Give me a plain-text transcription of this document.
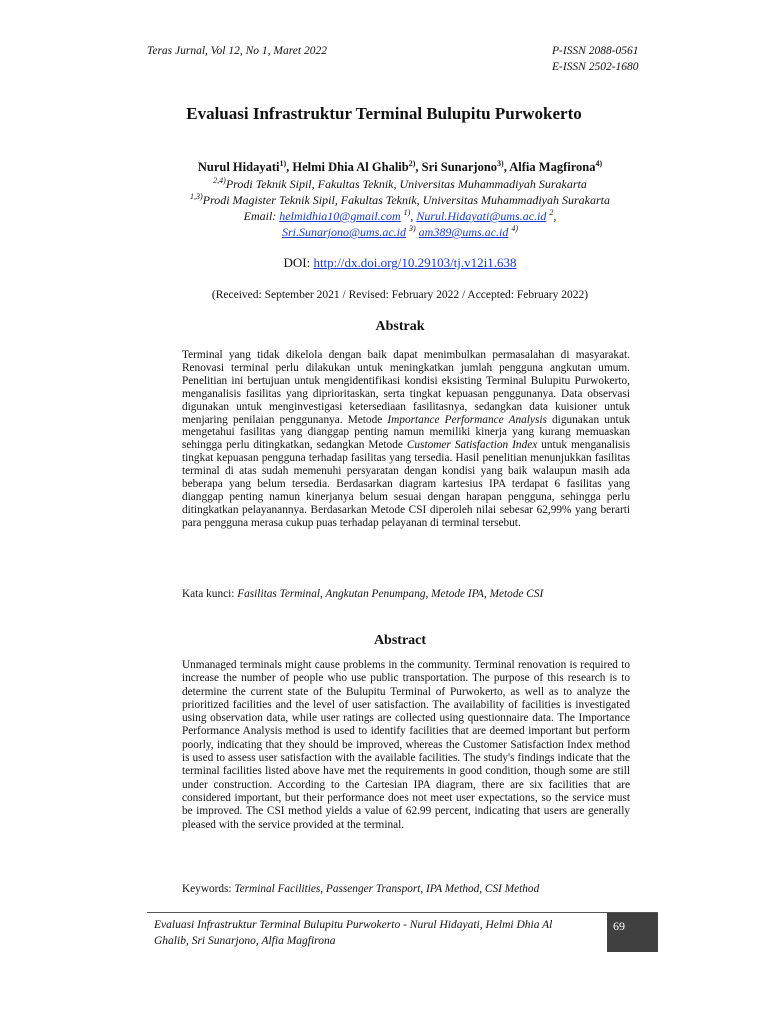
Teras Jurnal, Vol 12, No 1, Maret 2022	P-ISSN 2088-0561
E-ISSN 2502-1680
Evaluasi Infrastruktur Terminal Bulupitu Purwokerto
Nurul Hidayati$^{1)}$, Helmi Dhia Al Ghalib$^{2)}$, Sri Sunarjono$^{3)}$, Alfia Magfirona$^{4)}$
$^{2,4)}$Prodi Teknik Sipil, Fakultas Teknik, Universitas Muhammadiyah Surakarta
$^{1,3)}$Prodi Magister Teknik Sipil, Fakultas Teknik, Universitas Muhammadiyah Surakarta
Email: helmidhia10@gmail.com $^{1)}$, Nurul.Hidayati@ums.ac.id $^2$,
Sri.Sunarjono@ums.ac.id $^{3)}$ am389@ums.ac.id $^{4)}$
DOI: http://dx.doi.org/10.29103/tj.v12i1.638
(Received: September 2021 / Revised: February 2022 / Accepted: February 2022)
Abstrak
Terminal yang tidak dikelola dengan baik dapat menimbulkan permasalahan di masyarakat. Renovasi terminal perlu dilakukan untuk meningkatkan jumlah pengguna angkutan umum. Penelitian ini bertujuan untuk mengidentifikasi kondisi eksisting Terminal Bulupitu Purwokerto, menganalisis fasilitas yang diprioritaskan, serta tingkat kepuasan penggunanya. Data observasi digunakan untuk menginvestigasi ketersediaan fasilitasnya, sedangkan data kuisioner untuk menjaring penilaian penggunanya. Metode Importance Performance Analysis digunakan untuk mengetahui fasilitas yang dianggap penting namun memiliki kinerja yang kurang memuaskan sehingga perlu ditingkatkan, sedangkan Metode Customer Satisfaction Index untuk menganalisis tingkat kepuasan pengguna terhadap fasilitas yang tersedia. Hasil penelitian menunjukkan fasilitas terminal di atas sudah memenuhi persyaratan dengan kondisi yang baik walaupun masih ada beberapa yang belum tersedia. Berdasarkan diagram kartesius IPA terdapat 6 fasilitas yang dianggap penting namun kinerjanya belum sesuai dengan harapan pengguna, sehingga perlu ditingkatkan pelayanannya. Berdasarkan Metode CSI diperoleh nilai sebesar 62,99% yang berarti para pengguna merasa cukup puas terhadap pelayanan di terminal tersebut.
Kata kunci: Fasilitas Terminal, Angkutan Penumpang, Metode IPA, Metode CSI
Abstract
Unmanaged terminals might cause problems in the community. Terminal renovation is required to increase the number of people who use public transportation. The purpose of this research is to determine the current state of the Bulupitu Terminal of Purwokerto, as well as to analyze the prioritized facilities and the level of user satisfaction. The availability of facilities is investigated using observation data, while user ratings are collected using questionnaire data. The Importance Performance Analysis method is used to identify facilities that are deemed important but perform poorly, indicating that they should be improved, whereas the Customer Satisfaction Index method is used to assess user satisfaction with the available facilities. The study's findings indicate that the terminal facilities listed above have met the requirements in good condition, though some are still under construction. According to the Cartesian IPA diagram, there are six facilities that are considered important, but their performance does not meet user expectations, so the service must be improved. The CSI method yields a value of 62.99 percent, indicating that users are generally pleased with the service provided at the terminal.
Keywords: Terminal Facilities, Passenger Transport, IPA Method, CSI Method
Evaluasi Infrastruktur Terminal Bulupitu Purwokerto - Nurul Hidayati, Helmi Dhia Al
Ghalib, Sri Sunarjono, Alfia Magfirona
69
